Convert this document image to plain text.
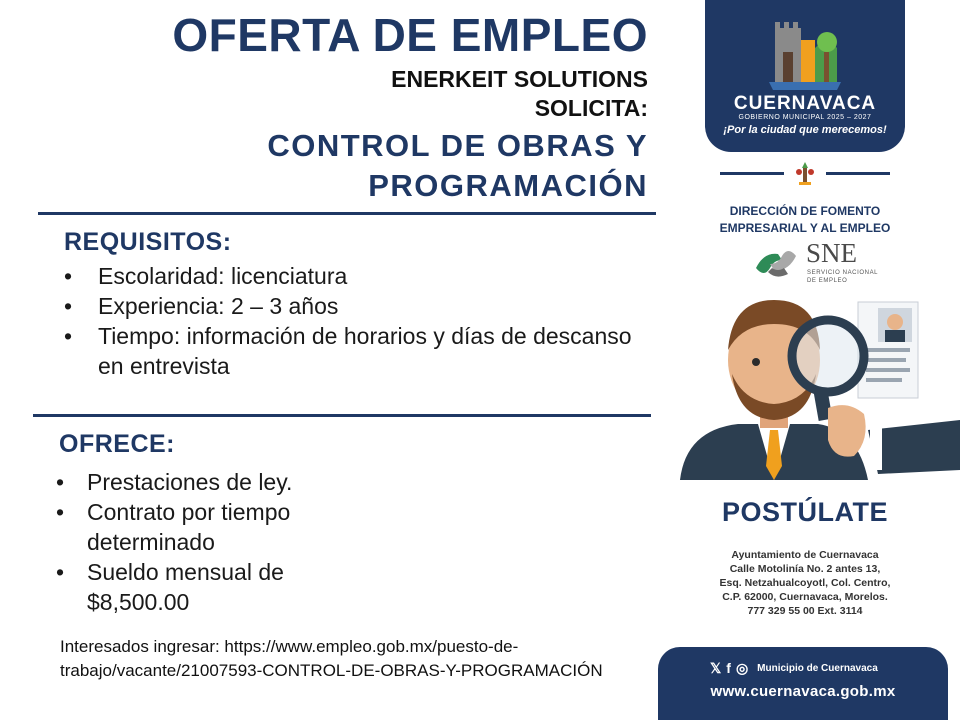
OFERTA DE EMPLEO
ENERKEIT SOLUTIONS
SOLICITA:
CONTROL DE OBRAS Y
PROGRAMACIÓN
REQUISITOS:
• Escolaridad: licenciatura
• Experiencia: 2 – 3 años
• Tiempo: información de horarios y días de descanso en entrevista
OFRECE:
• Prestaciones de ley.
• Contrato por tiempo determinado
• Sueldo mensual de $8,500.00
Interesados ingresar: https://www.empleo.gob.mx/puesto-de-trabajo/vacante/21007593-CONTROL-DE-OBRAS-Y-PROGRAMACIÓN
CUERNAVACA
GOBIERNO MUNICIPAL 2025 – 2027
¡Por la ciudad que merecemos!
DIRECCIÓN DE FOMENTO
EMPRESARIAL Y AL EMPLEO
SNE
SERVICIO NACIONAL
DE EMPLEO
POSTÚLATE
Ayuntamiento de Cuernavaca
Calle Motolinía No. 2 antes 13,
Esq. Netzahualcoyotl, Col. Centro,
C.P. 62000, Cuernavaca, Morelos.
777 329 55 00 Ext. 3114
𝕏 f ◎ Municipio de Cuernavaca
www.cuernavaca.gob.mx
